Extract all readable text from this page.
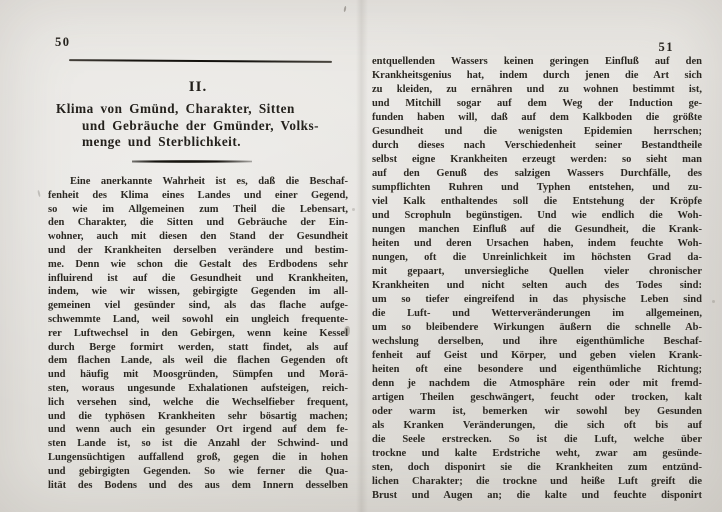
50
II.
Klima von Gmünd, Charakter, Sitten
und Gebräuche der Gmünder, Volks-
menge und Sterblichkeit.
Eine anerkannte Wahrheit ist es, daß die Beschaf-
fenheit des Klima eines Landes und einer Gegend,
so wie im Allgemeinen zum Theil die Lebensart,
den Charakter, die Sitten und Gebräuche der Ein-
wohner, auch mit diesen den Stand der Gesundheit
und der Krankheiten derselben verändere und bestim-
me. Denn wie schon die Gestalt des Erdbodens sehr
influirend ist auf die Gesundheit und Krankheiten,
indem, wie wir wissen, gebirgigte Gegenden im all-
gemeinen viel gesünder sind, als das flache aufge-
schwemmte Land, weil sowohl ein ungleich frequente-
rer Luftwechsel in den Gebirgen, wenn keine Kessel
durch Berge formirt werden, statt findet, als auf
dem flachen Lande, als weil die flachen Gegenden oft
und häufig mit Moosgründen, Sümpfen und Morä-
sten, woraus ungesunde Exhalationen aufsteigen, reich-
lich versehen sind, welche die Wechselfieber frequent,
und die typhösen Krankheiten sehr bösartig machen;
und wenn auch ein gesunder Ort irgend auf dem fe-
sten Lande ist, so ist die Anzahl der Schwind- und
Lungensüchtigen auffallend groß, gegen die in hohen
und gebirgigten Gegenden. So wie ferner die Qua-
lität des Bodens und des aus dem Innern desselben
51
entquellenden Wassers keinen geringen Einfluß auf den
Krankheitsgenius hat, indem durch jenen die Art sich
zu kleiden, zu ernähren und zu wohnen bestimmt ist,
und Mitchill sogar auf dem Weg der Induction ge-
funden haben will, daß auf dem Kalkboden die größte
Gesundheit und die wenigsten Epidemien herrschen;
durch dieses nach Verschiedenheit seiner Bestandtheile
selbst eigne Krankheiten erzeugt werden: so sieht man
auf den Genuß des salzigen Wassers Durchfälle, des
sumpflichten Ruhren und Typhen entstehen, und zu-
viel Kalk enthaltendes soll die Entstehung der Kröpfe
und Scrophuln begünstigen. Und wie endlich die Woh-
nungen manchen Einfluß auf die Gesundheit, die Krank-
heiten und deren Ursachen haben, indem feuchte Woh-
nungen, oft die Unreinlichkeit im höchsten Grad da-
mit gepaart, unversiegliche Quellen vieler chronischer
Krankheiten und nicht selten auch des Todes sind:
um so tiefer eingreifend in das physische Leben sind
die Luft- und Wetterveränderungen im allgemeinen,
um so bleibendere Wirkungen äußern die schnelle Ab-
wechslung derselben, und ihre eigenthümliche Beschaf-
fenheit auf Geist und Körper, und geben vielen Krank-
heiten oft eine besondere und eigenthümliche Richtung;
denn je nachdem die Atmosphäre rein oder mit fremd-
artigen Theilen geschwängert, feucht oder trocken, kalt
oder warm ist, bemerken wir sowohl bey Gesunden
als Kranken Veränderungen, die sich oft bis auf
die Seele erstrecken. So ist die Luft, welche über
trockne und kalte Erdstriche weht, zwar am gesünde-
sten, doch disponirt sie die Krankheiten zum entzünd-
lichen Charakter; die trockne und heiße Luft greift die
Brust und Augen an; die kalte und feuchte disponirt
